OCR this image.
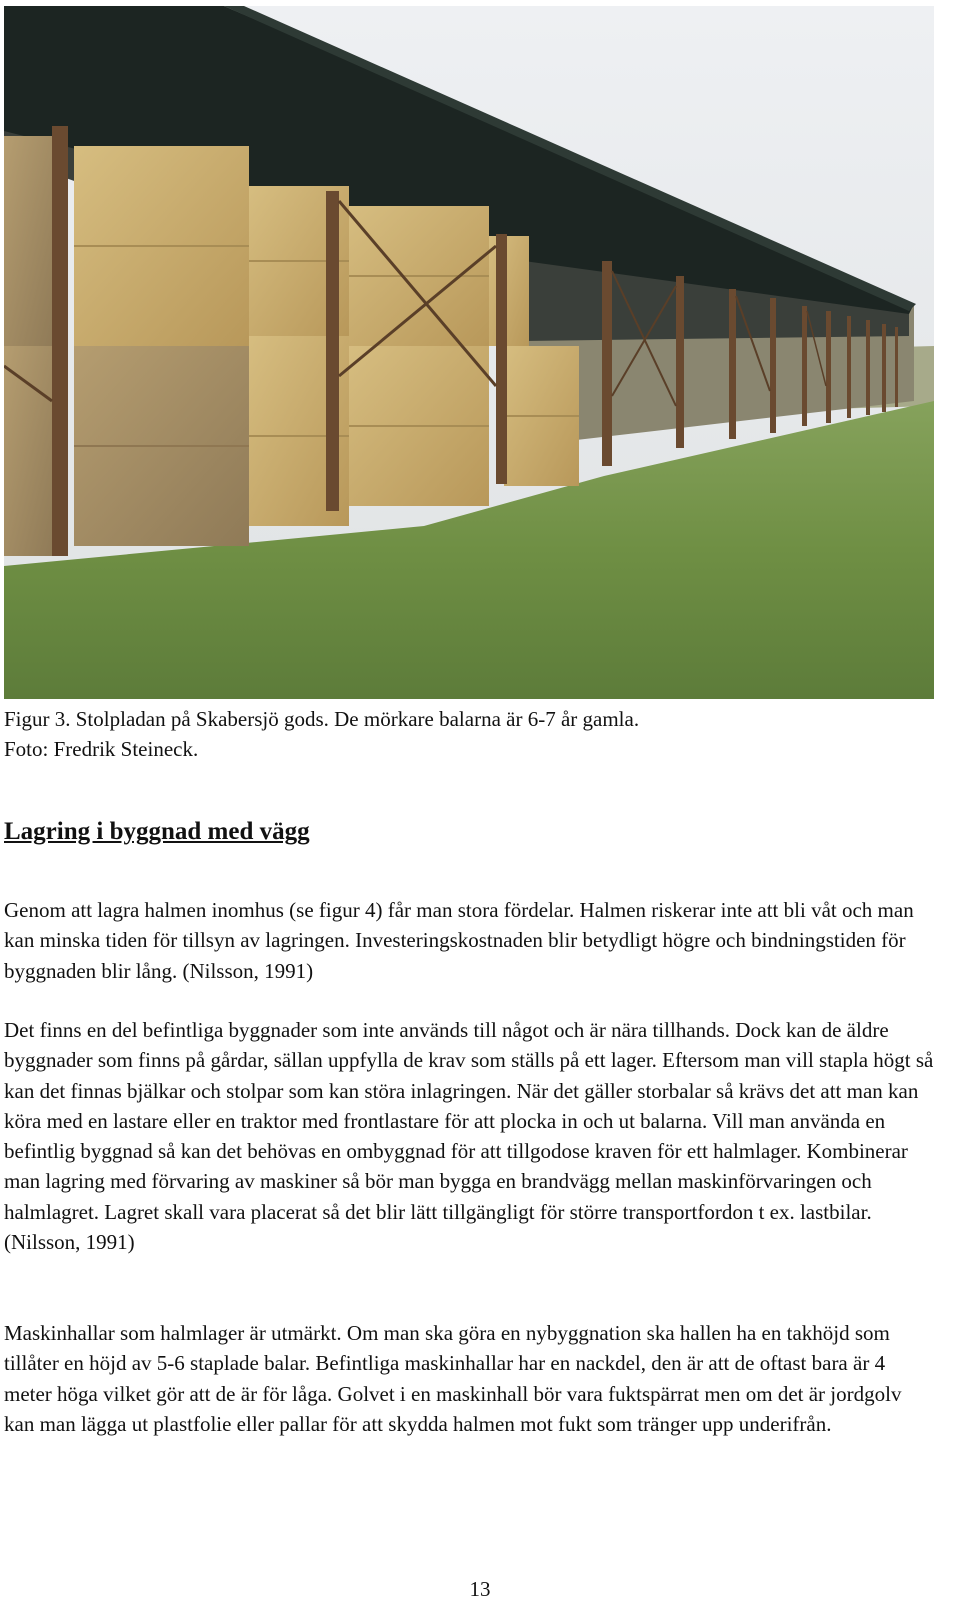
Figur 3. Stolpladan på Skabersjö gods. De mörkare balarna är 6-7 år gamla.
Foto: Fredrik Steineck.
Lagring i byggnad med vägg

Genom att lagra halmen inomhus (se figur 4) får man stora fördelar. Halmen riskerar inte att bli våt och man kan minska tiden för tillsyn av lagringen. Investeringskostnaden blir betydligt högre och bindningstiden för byggnaden blir lång. (Nilsson, 1991)

Det finns en del befintliga byggnader som inte används till något och är nära tillhands. Dock kan de äldre byggnader som finns på gårdar, sällan uppfylla de krav som ställs på ett lager. Eftersom man vill stapla högt så kan det finnas bjälkar och stolpar som kan störa inlagringen. När det gäller storbalar så krävs det att man kan köra med en lastare eller en traktor med frontlastare för att plocka in och ut balarna. Vill man använda en befintlig byggnad så kan det behövas en ombyggnad för att tillgodose kraven för ett halmlager. Kombinerar man lagring med förvaring av maskiner så bör man bygga en brandvägg mellan maskinförvaringen och halmlagret. Lagret skall vara placerat så det blir lätt tillgängligt för större transportfordon t ex. lastbilar. (Nilsson, 1991)

Maskinhallar som halmlager är utmärkt. Om man ska göra en nybyggnation ska hallen ha en takhöjd som tillåter en höjd av 5-6 staplade balar. Befintliga maskinhallar har en nackdel, den är att de oftast bara är 4 meter höga vilket gör att de är för låga. Golvet i en maskinhall bör vara fuktspärrat men om det är jordgolv kan man lägga ut plastfolie eller pallar för att skydda halmen mot fukt som tränger upp underifrån.

13
